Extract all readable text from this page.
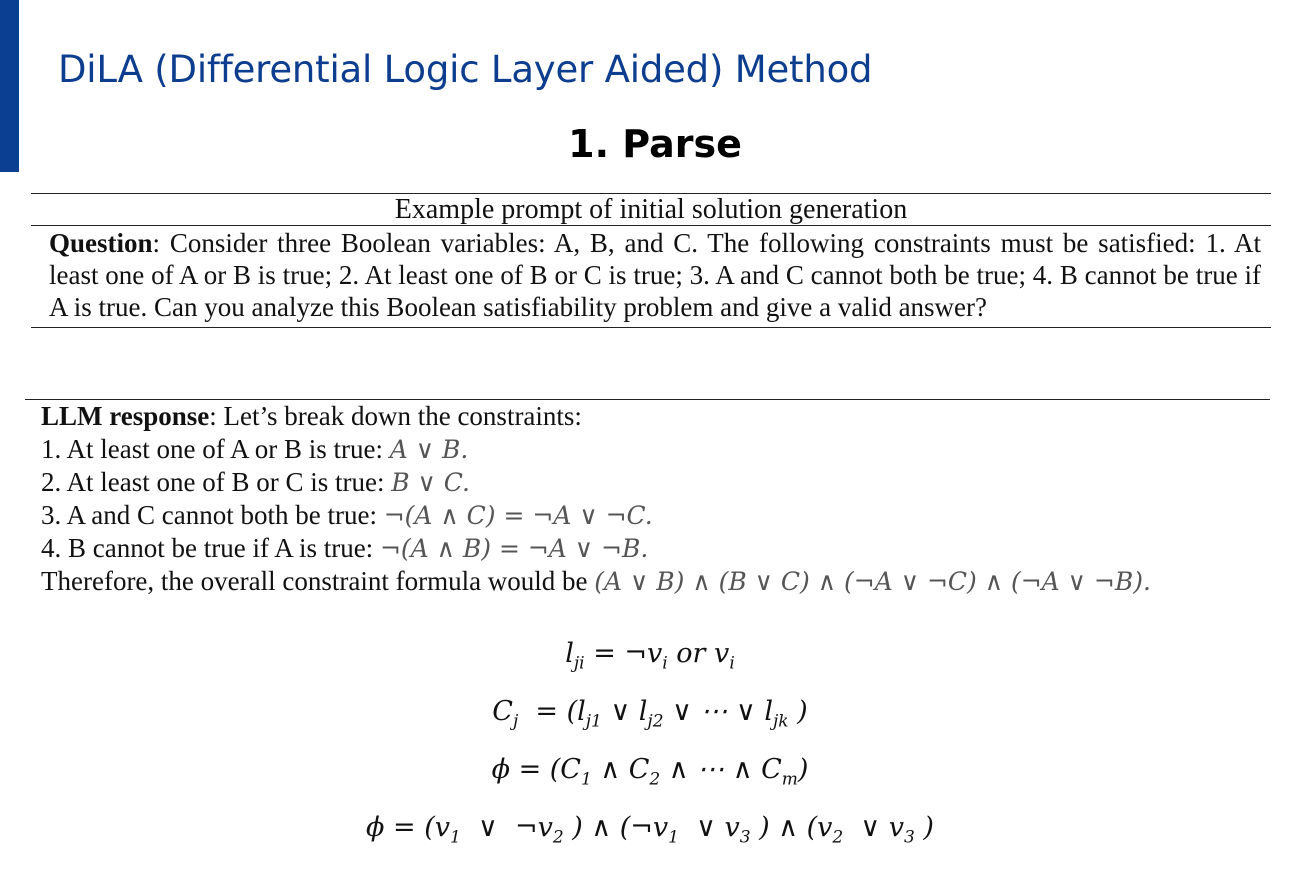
DiLA (Differential Logic Layer Aided) Method
1. Parse
Example prompt of initial solution generation

Question: Consider three Boolean variables: A, B, and C. The following constraints must be satisfied: 1. At least one of A or B is true; 2. At least one of B or C is true; 3. A and C cannot both be true; 4. B cannot be true if A is true. Can you analyze this Boolean satisfiability problem and give a valid answer?

LLM response: Let’s break down the constraints:
1. At least one of A or B is true: A ∨ B.
2. At least one of B or C is true: B ∨ C.
3. A and C cannot both be true: ¬(A ∧ C) = ¬A ∨ ¬C.
4. B cannot be true if A is true: ¬(A ∧ B) = ¬A ∨ ¬B.
Therefore, the overall constraint formula would be (A ∨ B) ∧ (B ∨ C) ∧ (¬A ∨ ¬C) ∧ (¬A ∨ ¬B).
$l_{ji}$ = $\neg v_i$ or $v_i$
$C_j = (l_{j1}$ ∨ $l_{j2}$ ∨ ⋯ ∨ $l_{jk}$ )
$\phi = (C_1$ ∧ $C_2$ ∧ ⋯ ∧ $C_m$)
$\phi = (v_1$  ∨  $\neg v_2$ ) ∧ ($\neg v_1$  ∨ $v_3$ ) ∧ ($v_2$  ∨ $v_3$ )
